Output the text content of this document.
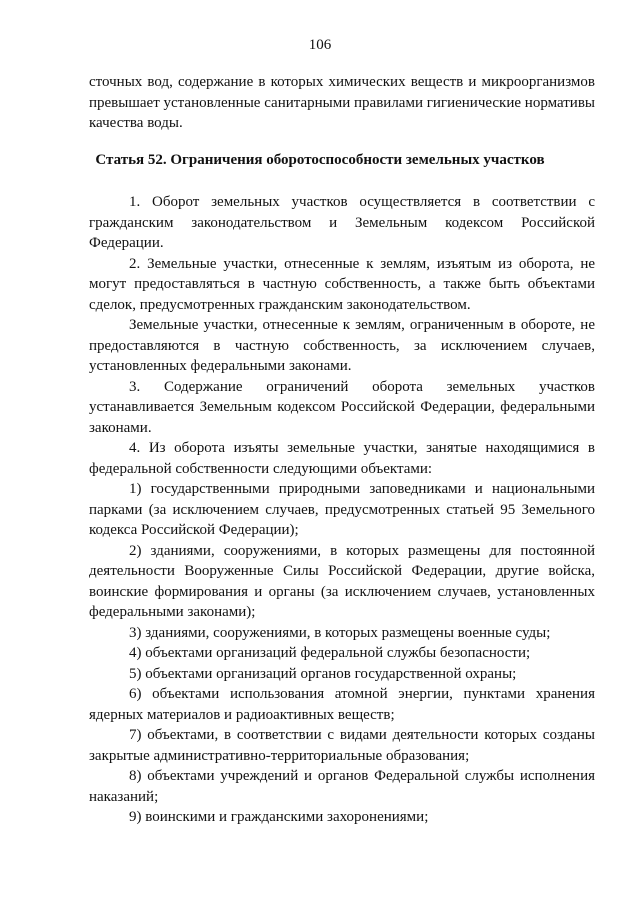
106

сточных вод, содержание в которых химических веществ и микроорганизмов превышает установленные санитарными правилами гигиенические нормативы качества воды.

Статья 52. Ограничения оборотоспособности земельных участков

1. Оборот земельных участков осуществляется в соответствии с гражданским законодательством и Земельным кодексом Российской Федерации.

2. Земельные участки, отнесенные к землям, изъятым из оборота, не могут предоставляться в частную собственность, а также быть объектами сделок, предусмотренных гражданским законодательством.

Земельные участки, отнесенные к землям, ограниченным в обороте, не предоставляются в частную собственность, за исключением случаев, установленных федеральными законами.

3. Содержание ограничений оборота земельных участков устанавливается Земельным кодексом Российской Федерации, федеральными законами.

4. Из оборота изъяты земельные участки, занятые находящимися в федеральной собственности следующими объектами:

1) государственными природными заповедниками и национальными парками (за исключением случаев, предусмотренных статьей 95 Земельного кодекса Российской Федерации);

2) зданиями, сооружениями, в которых размещены для постоянной деятельности Вооруженные Силы Российской Федерации, другие войска, воинские формирования и органы (за исключением случаев, установленных федеральными законами);

3) зданиями, сооружениями, в которых размещены военные суды;

4) объектами организаций федеральной службы безопасности;

5) объектами организаций органов государственной охраны;

6) объектами использования атомной энергии, пунктами хранения ядерных материалов и радиоактивных веществ;

7) объектами, в соответствии с видами деятельности которых созданы закрытые административно-территориальные образования;

8) объектами учреждений и органов Федеральной службы исполнения наказаний;

9) воинскими и гражданскими захоронениями;
